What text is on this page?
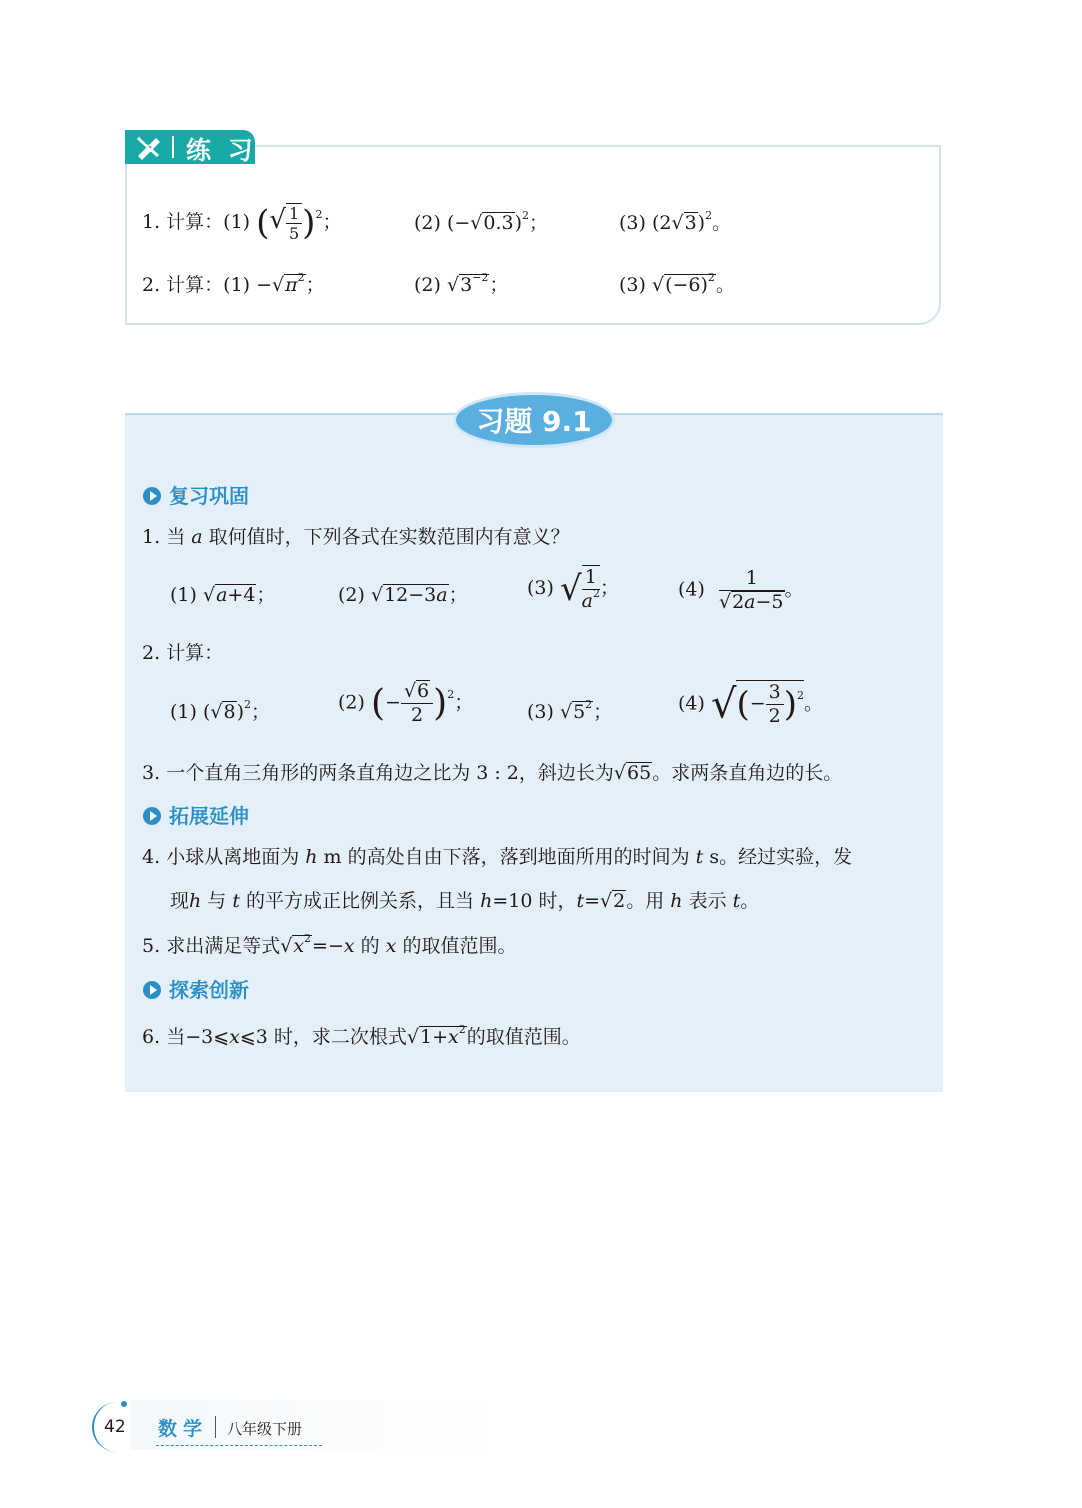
练 习
1. 计算：(1) (√ $\frac{1}{5} )^2$；	(2) $(-√0.3)^2$；	(3) $(2√3)^2$。
2. 计算：$(1) -√\pi^2$；	(2) $√3^{-2}$；	(3) $√(-6)^2$。
习题 9.1
复习巩固
1. 当 a 取何值时，下列各式在实数范围内有意义？
(1) √a+4；	(2) √12−3a；	(3) √ $\frac{1}{a^2}$ ；	$(4) \frac{1}{√2a-5}$ 。
2. 计算：
(1) $(√8)^2$；	(2) (− $\frac{√6}{2} )^2$；	(3) $√5^2$；	(4) √(− $\frac{3}{2} )^2$。
3. 一个直角三角形的两条直角边之比为 3 : 2，斜边长为√65。求两条直角边的长。
拓展延伸
4. 小球从离地面为 h m 的高处自由下落，落到地面所用的时间为 t s。经过实验，发
现h 与 t 的平方成正比例关系，且当 h=10 时，t=√2。用 h 表示 t。
5. 求出满足等式$√x^2=-x$ 的 x 的取值范围。
探索创新
6. 当−3⩽x⩽3 时，求二次根式$√1+x^2$的取值范围。
42 数学 八年级下册
